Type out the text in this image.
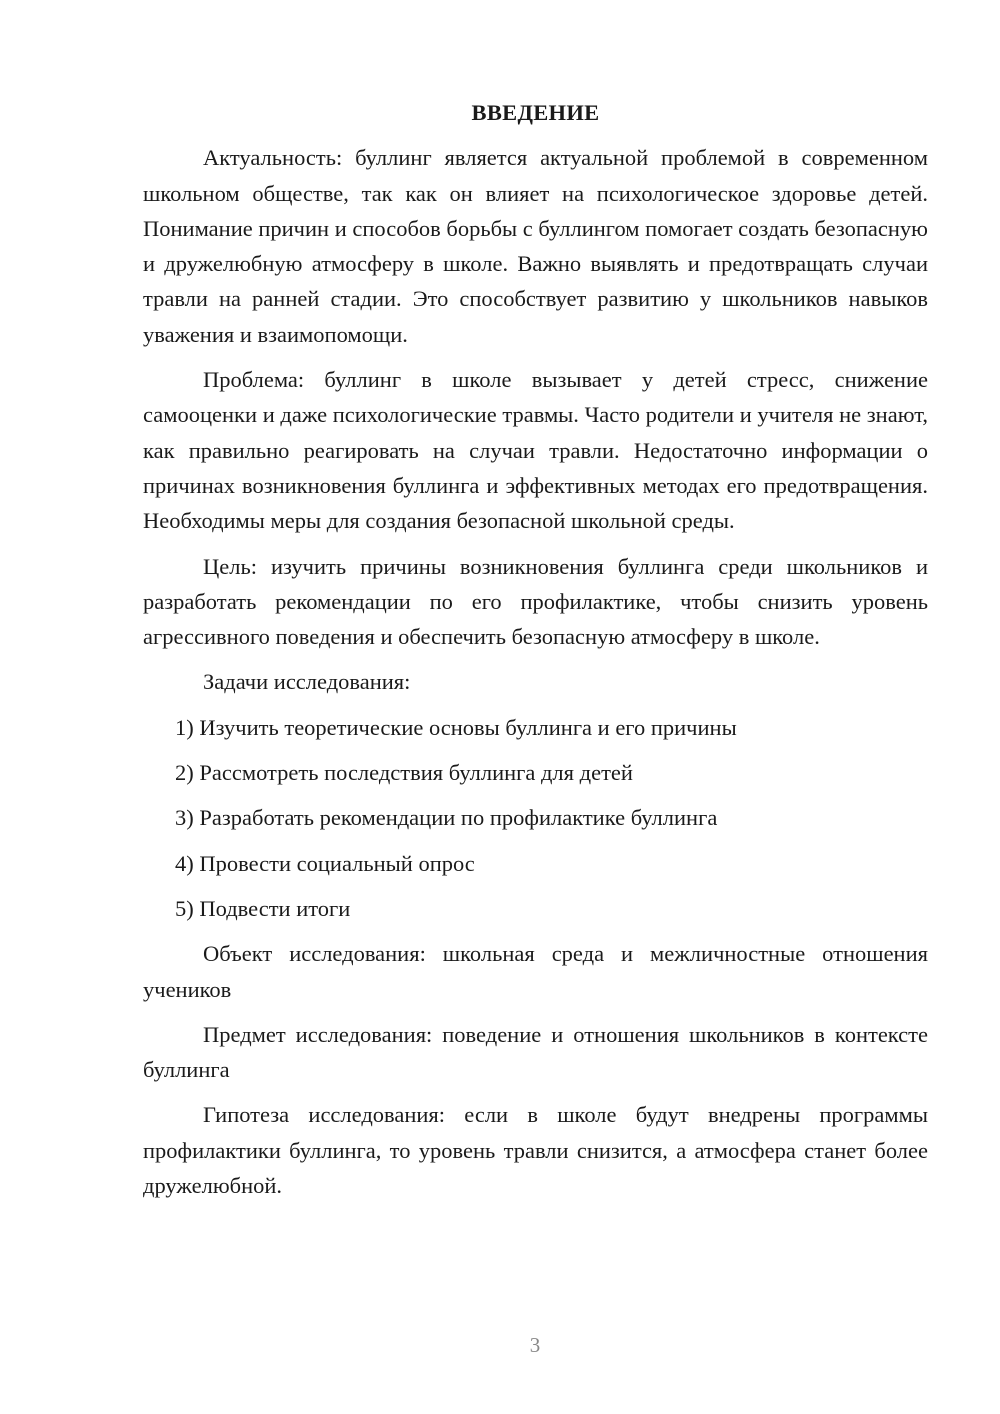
ВВЕДЕНИЕ

Актуальность: буллинг является актуальной проблемой в современном школьном обществе, так как он влияет на психологическое здоровье детей. Понимание причин и способов борьбы с буллингом помогает создать безопасную и дружелюбную атмосферу в школе. Важно выявлять и предотвращать случаи травли на ранней стадии. Это способствует развитию у школьников навыков уважения и взаимопомощи.

Проблема: буллинг в школе вызывает у детей стресс, снижение самооценки и даже психологические травмы. Часто родители и учителя не знают, как правильно реагировать на случаи травли. Недостаточно информации о причинах возникновения буллинга и эффективных методах его предотвращения. Необходимы меры для создания безопасной школьной среды.

Цель: изучить причины возникновения буллинга среди школьников и разработать рекомендации по его профилактике, чтобы снизить уровень агрессивного поведения и обеспечить безопасную атмосферу в школе.

Задачи исследования:

1) Изучить теоретические основы буллинга и его причины
2) Рассмотреть последствия буллинга для детей
3) Разработать рекомендации по профилактике буллинга
4) Провести социальный опрос
5) Подвести итоги

Объект исследования: школьная среда и межличностные отношения учеников

Предмет исследования: поведение и отношения школьников в контексте буллинга

Гипотеза исследования: если в школе будут внедрены программы профилактики буллинга, то уровень травли снизится, а атмосфера станет более дружелюбной.

3
